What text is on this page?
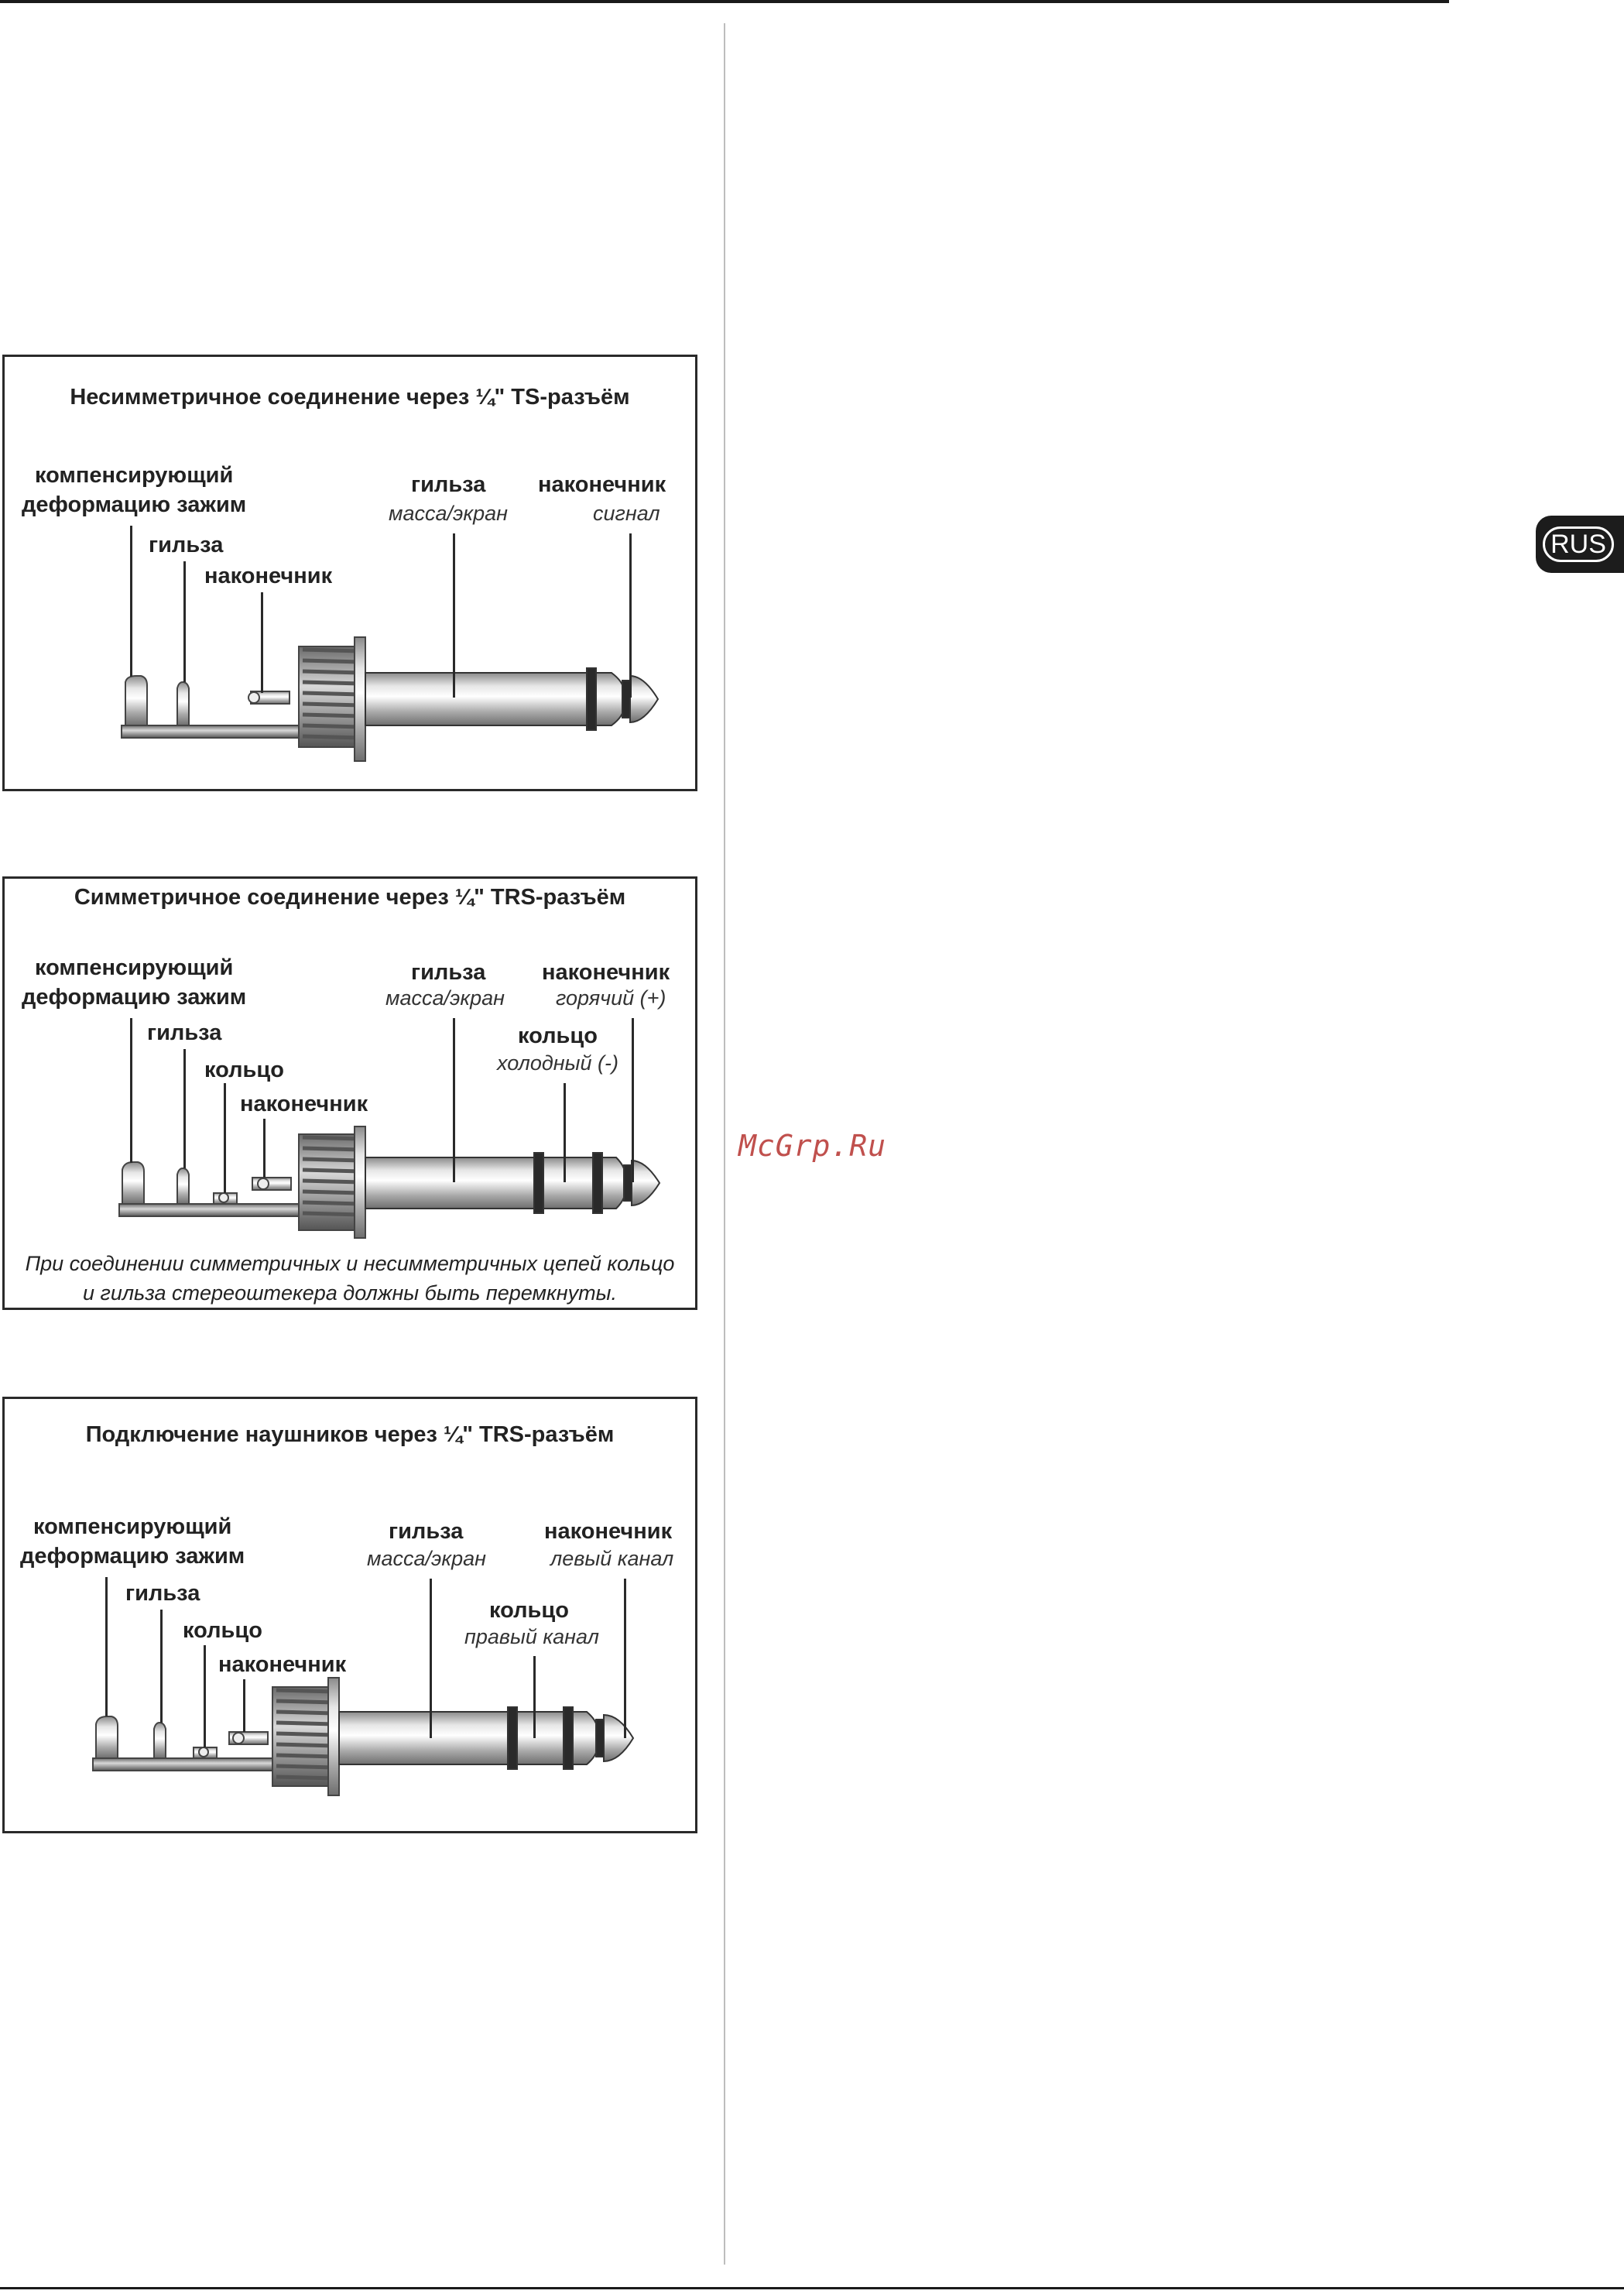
RUS
McGrp.Ru
Несимметричное соединение через ¼" TS-разъём
компенсирующий
деформацию зажим
гильза
наконечник
гильза
масса/экран
наконечник
сигнал
Симметричное соединение через ¼" TRS-разъём
компенсирующий
деформацию зажим
гильза
кольцо
наконечник
гильза
масса/экран
наконечник
горячий (+)
кольцо
холодный (-)
При соединении симметричных и несимметричных цепей кольцо
и гильза стереоштекера должны быть перемкнуты.
Подключение наушников через ¼" TRS-разъём
компенсирующий
деформацию зажим
гильза
кольцо
наконечник
гильза
масса/экран
наконечник
левый канал
кольцо
правый канал
